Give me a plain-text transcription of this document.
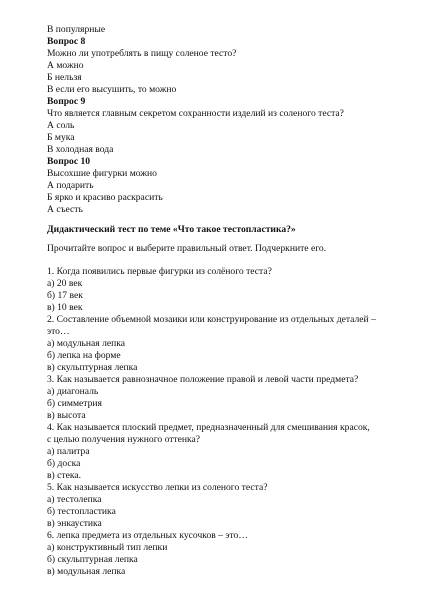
В популярные
Вопрос 8
Можно ли употреблять в пищу соленое тесто?
А можно
Б нельзя
В если его высушить, то можно
Вопрос 9
Что является главным секретом сохранности изделий из соленого теста?
А соль
Б мука
В холодная вода
Вопрос 10
Высохшие фигурки можно
А подарить
Б ярко и красиво раскрасить
А съесть
Дидактический тест по теме «Что такое тестопластика?»
Прочитайте вопрос и выберите правильный ответ. Подчеркните его.
1. Когда появились первые фигурки из солёного теста?
а) 20 век
б) 17 век
в) 10 век
2. Составление объемной мозаики или конструирование из отдельных деталей –
это…
а) модульная лепка
б) лепка на форме
в) скульптурная лепка
3. Как называется равнозначное положение правой и левой части предмета?
а) диагональ
б) симметрия
в) высота
4. Как называется плоский предмет, предназначенный для смешивания красок,
с целью получения нужного оттенка?
а) палитра
б) доска
в) стека.
5. Как называется искусство лепки из соленого теста?
а) тестолепка
б) тестопластика
в) энкаустика
6. лепка предмета из отдельных кусочков – это…
а) конструктивный тип лепки
б) скульптурная лепка
в) модульная лепка
